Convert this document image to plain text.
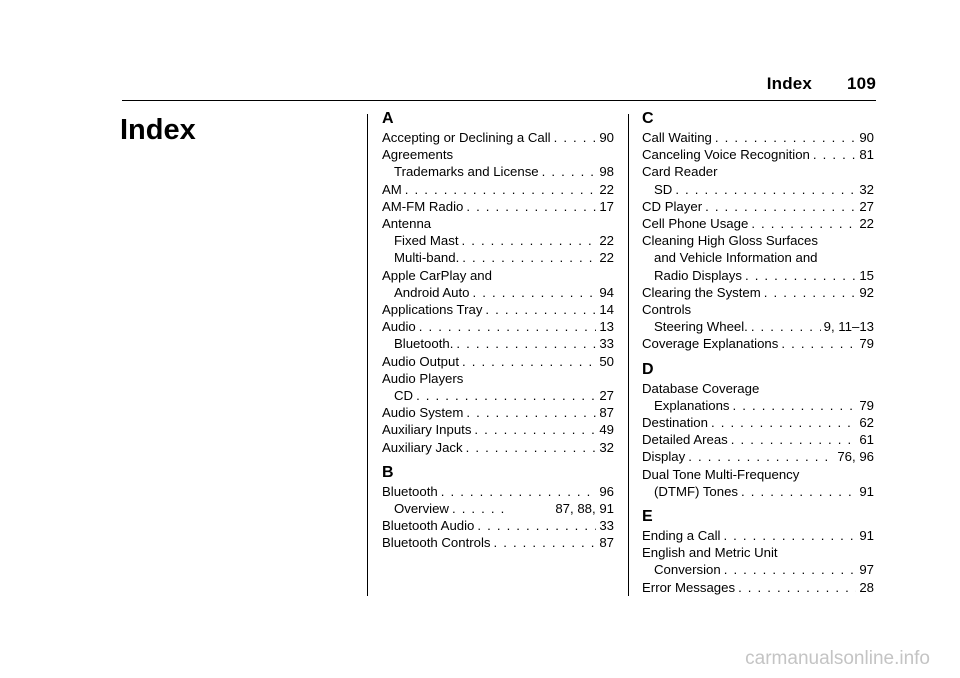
Index 109
Index	A
Accepting or Declining a Call . . .	90
Agreements
Trademarks and License . . .	98
AM . . .	22
AM-FM Radio . . .	17
Antenna
Fixed Mast . . .	22
Multi-band. . . .	22
Apple CarPlay and
Android Auto . . .	94
Applications Tray . . .	14
Audio . . .	13
Bluetooth. . . .	33
Audio Output . . .	50
Audio Players
CD . . .	27
Audio System . . .	87
Auxiliary Inputs . . .	49
Auxiliary Jack . . .	32
B
Bluetooth . . .	96
Overview . . .	87, 88, 91
Bluetooth Audio . . .	33
Bluetooth Controls . . .	87
C
Call Waiting . . .	90
Canceling Voice Recognition . . .	81
Card Reader
SD . . .	32
CD Player . . .	27
Cell Phone Usage . . .	22
Cleaning High Gloss Surfaces
and Vehicle Information and
Radio Displays . . .	15
Clearing the System . . .	92
Controls
Steering Wheel. . . .	9, 11–13
Coverage Explanations . . .	79
D
Database Coverage
Explanations . . .	79
Destination . . .	62
Detailed Areas . . .	61
Display . . .	76, 96
Dual Tone Multi-Frequency
(DTMF) Tones . . .	91
E
Ending a Call . . .	91
English and Metric Unit
Conversion . . .	97
Error Messages . . .	28
carmanualsonline.info
